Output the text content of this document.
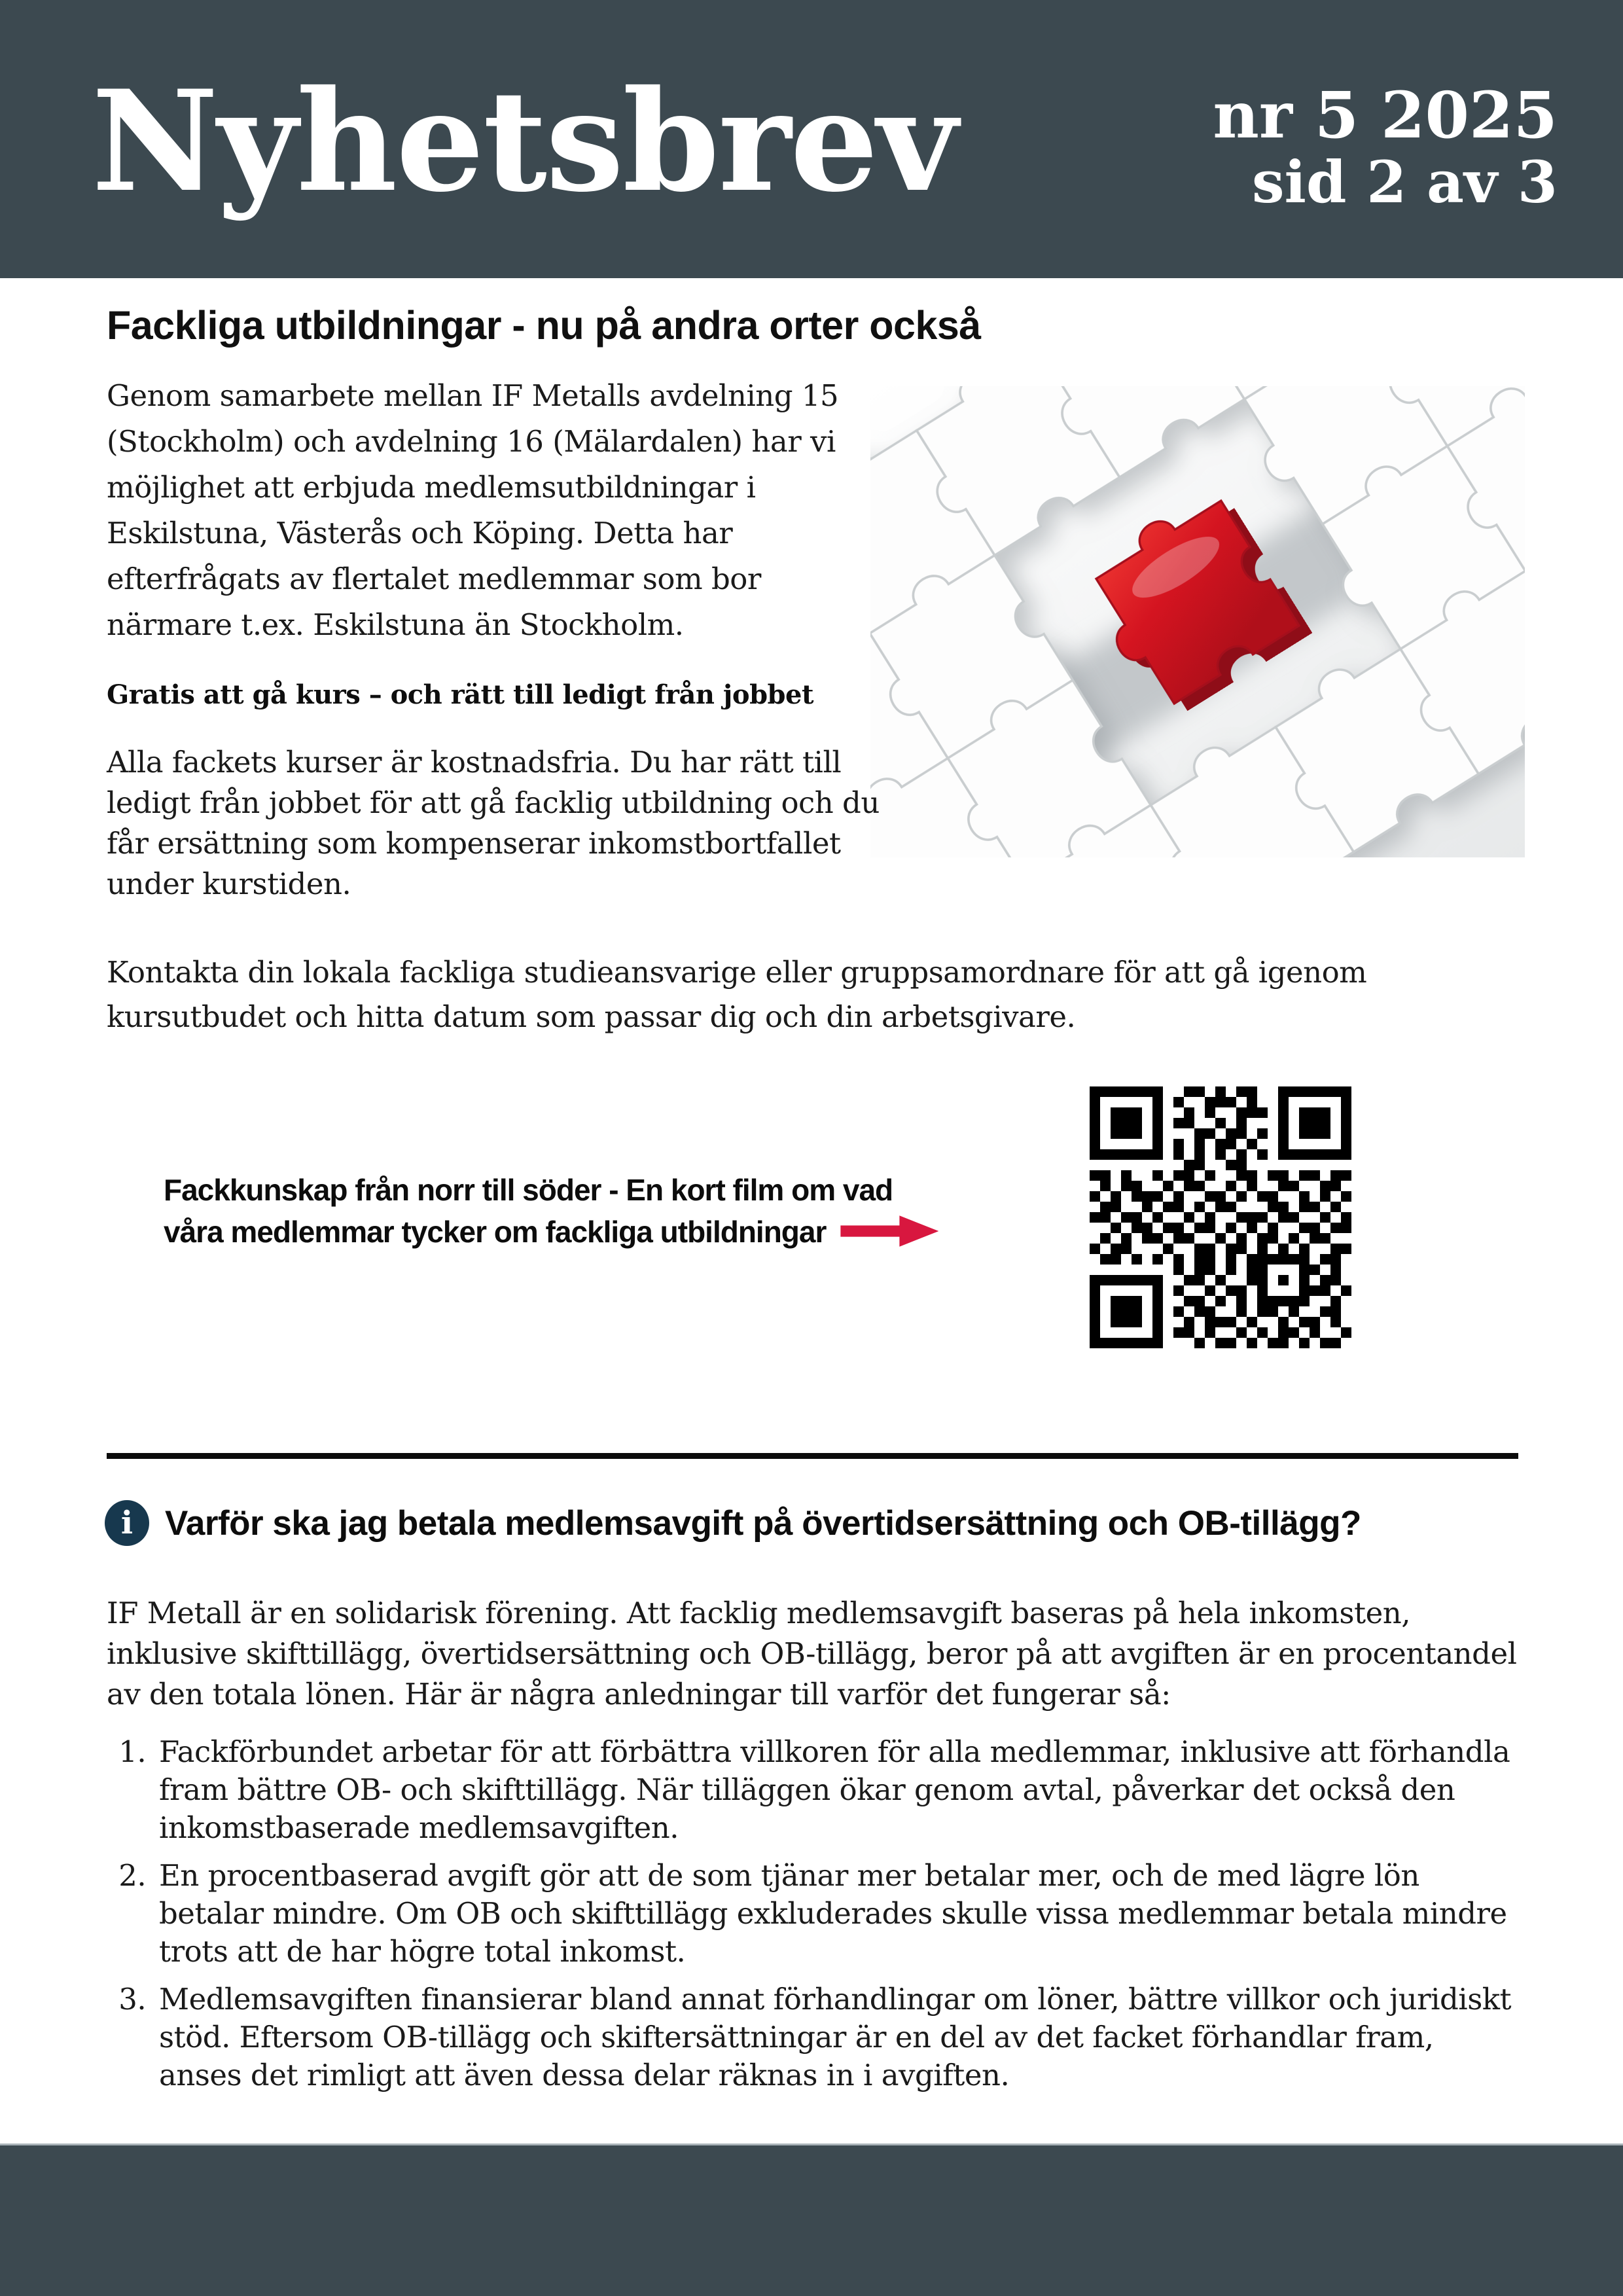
Nyhetsbrev	nr 5 2025
sid 2 av 3
Fackliga utbildningar - nu på andra orter också
Genom samarbete mellan IF Metalls avdelning 15 (Stockholm) och avdelning 16 (Mälardalen) har vi möjlighet att erbjuda medlemsutbildningar i Eskilstuna, Västerås och Köping. Detta har efterfrågats av flertalet medlemmar som bor närmare t.ex. Eskilstuna än Stockholm.
Gratis att gå kurs – och rätt till ledigt från jobbet
Alla fackets kurser är kostnadsfria. Du har rätt till ledigt från jobbet för att gå facklig utbildning och du får ersättning som kompenserar inkomstbortfallet under kurstiden.
Kontakta din lokala fackliga studieansvarige eller gruppsamordnare för att gå igenom kursutbudet och hitta datum som passar dig och din arbetsgivare.
Fackkunskap från norr till söder - En kort film om vad
våra medlemmar tycker om fackliga utbildningar
i Varför ska jag betala medlemsavgift på övertidsersättning och OB-tillägg?
IF Metall är en solidarisk förening. Att facklig medlemsavgift baseras på hela inkomsten, inklusive skifttillägg, övertidsersättning och OB-tillägg, beror på att avgiften är en procentandel av den totala lönen. Här är några anledningar till varför det fungerar så:
1. Fackförbundet arbetar för att förbättra villkoren för alla medlemmar, inklusive att förhandla fram bättre OB- och skifttillägg. När tilläggen ökar genom avtal, påverkar det också den inkomstbaserade medlemsavgiften.
2. En procentbaserad avgift gör att de som tjänar mer betalar mer, och de med lägre lön betalar mindre. Om OB och skifttillägg exkluderades skulle vissa medlemmar betala mindre trots att de har högre total inkomst.
3. Medlemsavgiften finansierar bland annat förhandlingar om löner, bättre villkor och juridiskt stöd. Eftersom OB-tillägg och skiftersättningar är en del av det facket förhandlar fram, anses det rimligt att även dessa delar räknas in i avgiften.
